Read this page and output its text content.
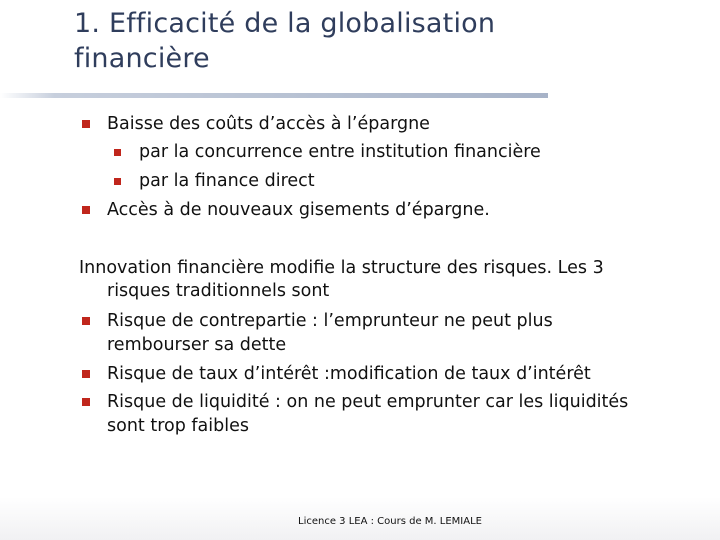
1. Efficacité de la globalisation
financière
Baisse des coûts d’accès à l’épargne
par la concurrence entre institution financière
par la finance direct
Accès à de nouveaux gisements d’épargne.
Innovation financière modifie la structure des risques. Les 3
risques traditionnels sont
Risque de contrepartie : l’emprunteur ne peut plus
rembourser sa dette
Risque de taux d’intérêt :modification de taux d’intérêt
Risque de liquidité : on ne peut emprunter car les liquidités
sont trop faibles
Licence 3 LEA : Cours de M. LEMIALE
